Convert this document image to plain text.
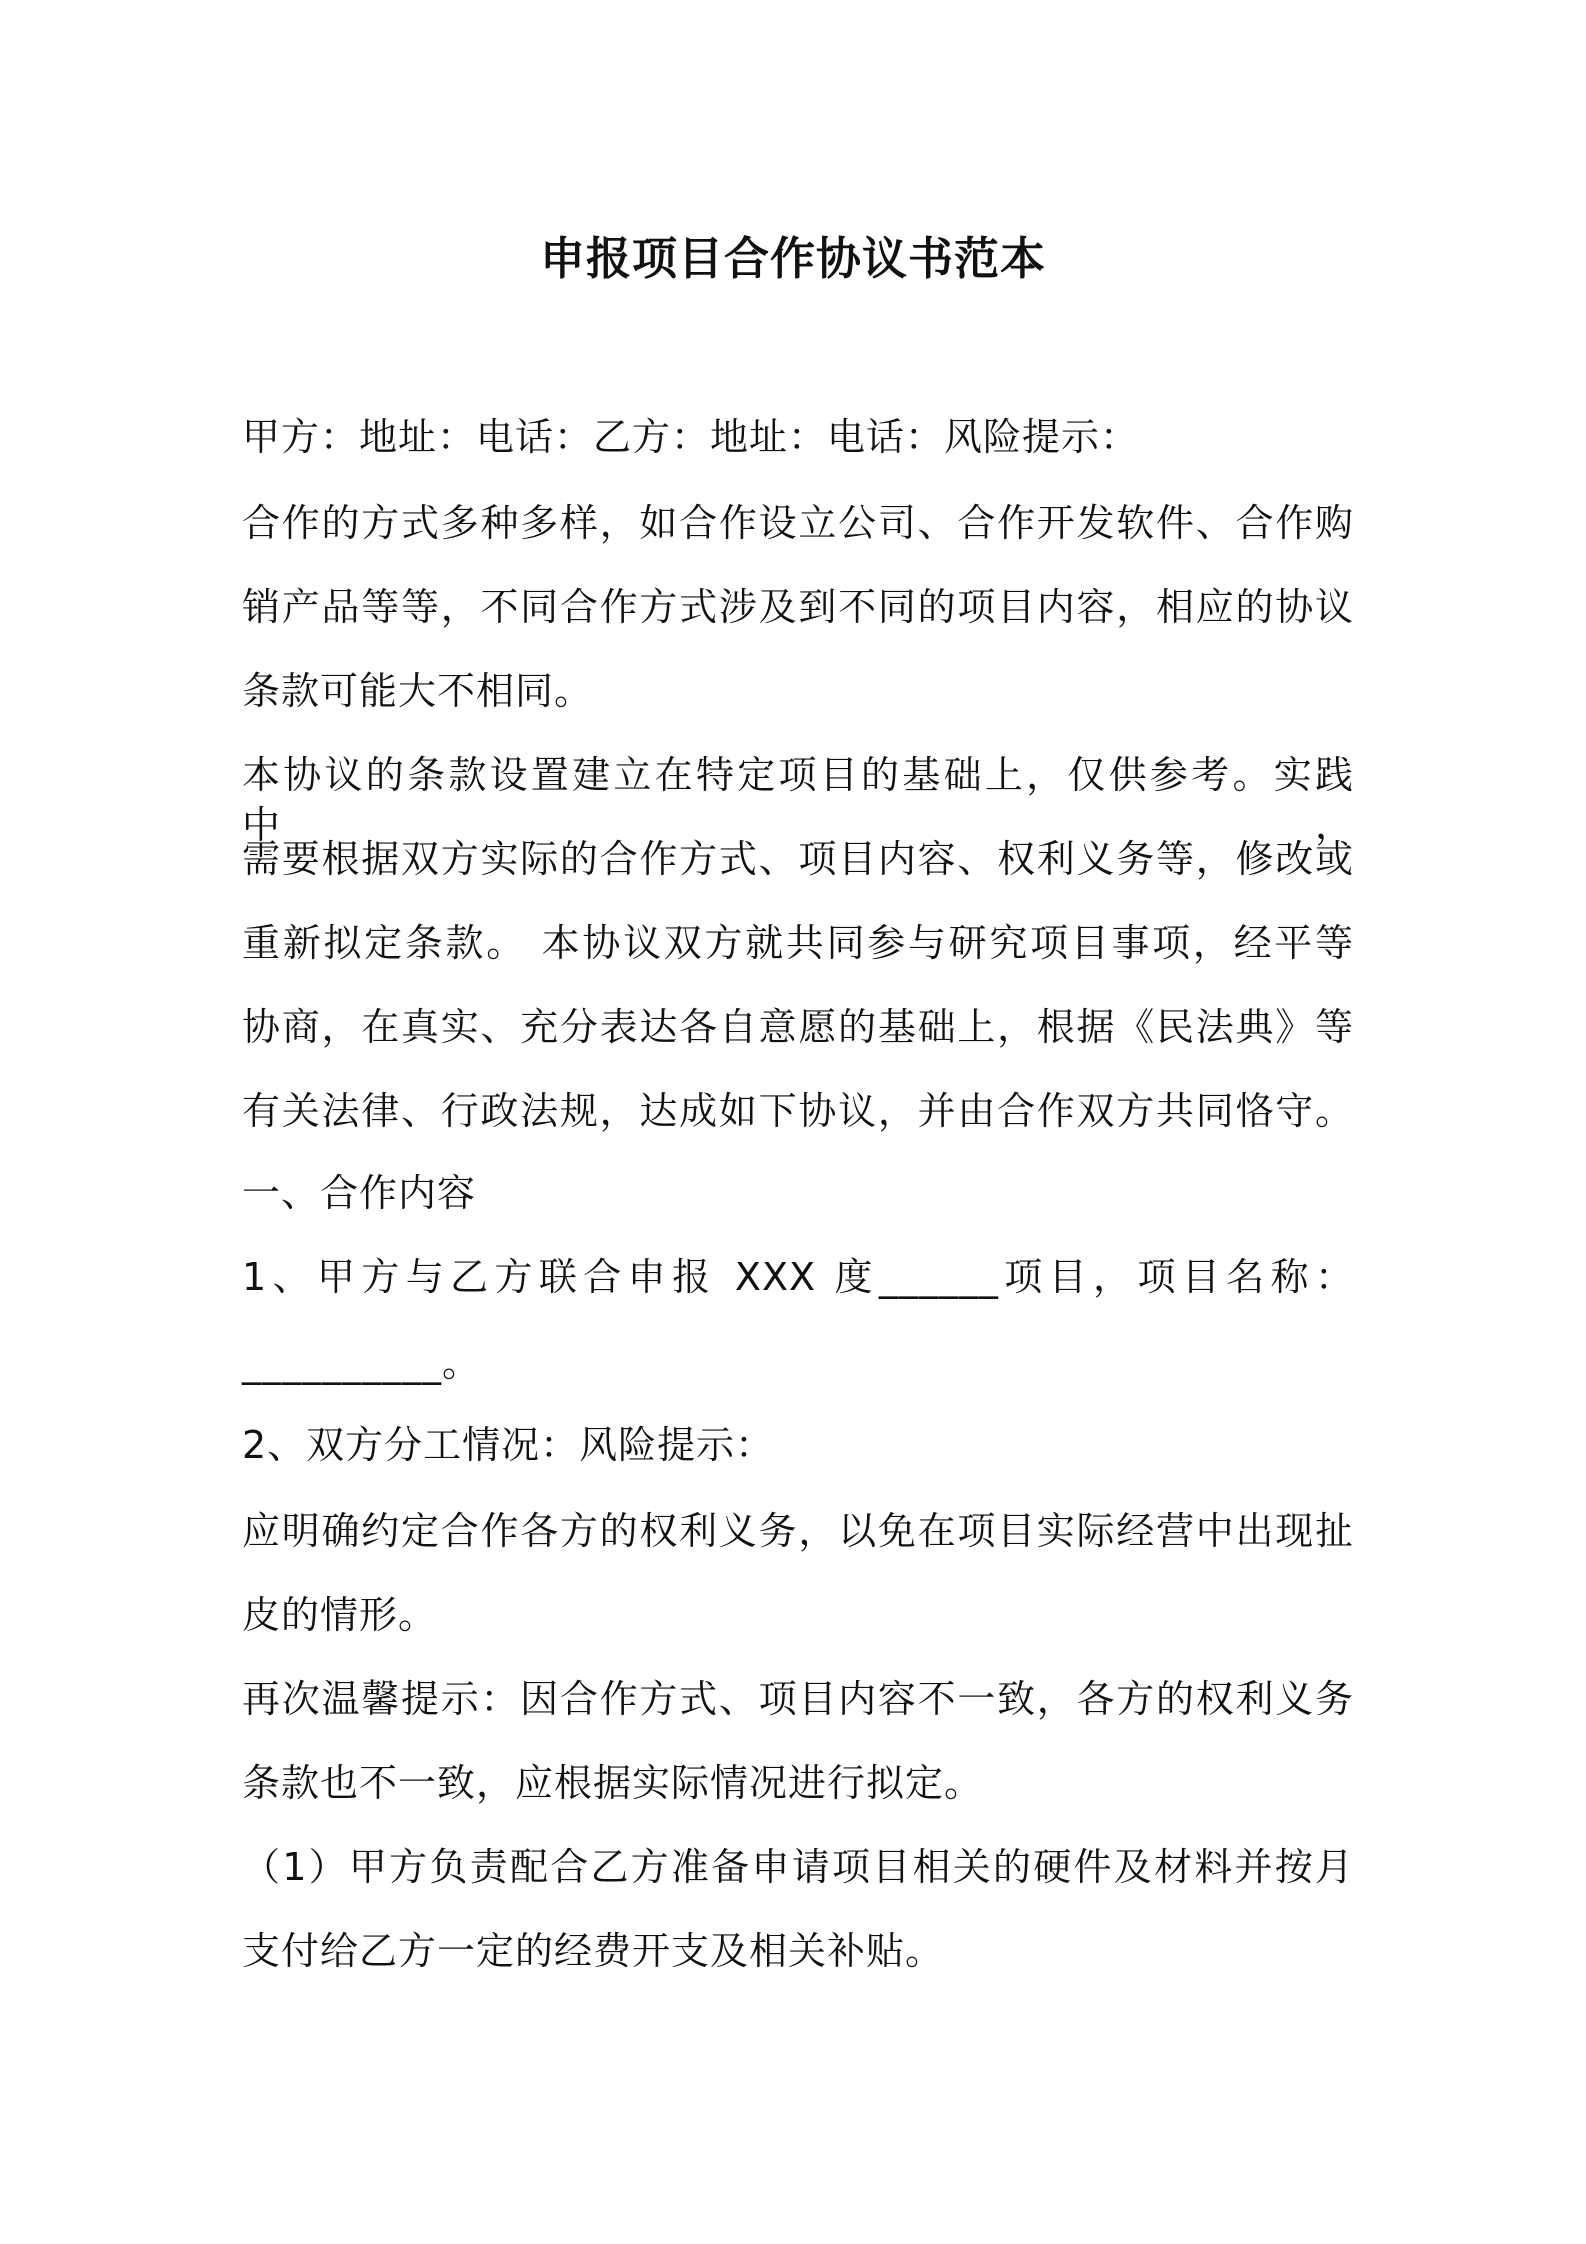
申报项目合作协议书范本
甲方：地址：电话：乙方：地址：电话：风险提示：
合作的方式多种多样，如合作设立公司、合作开发软件、合作购
销产品等等，不同合作方式涉及到不同的项目内容，相应的协议
条款可能大不相同。
本协议的条款设置建立在特定项目的基础上，仅供参考。实践中，
需要根据双方实际的合作方式、项目内容、权利义务等，修改或
重新拟定条款。 本协议双方就共同参与研究项目事项，经平等
协商，在真实、充分表达各自意愿的基础上，根据《民法典》等
有关法律、行政法规，达成如下协议，并由合作双方共同恪守。
一、合作内容
1、甲方与乙方联合申报 XXX 度______项目，项目名称：
__________。
2、双方分工情况：风险提示：
应明确约定合作各方的权利义务，以免在项目实际经营中出现扯
皮的情形。
再次温馨提示：因合作方式、项目内容不一致，各方的权利义务
条款也不一致，应根据实际情况进行拟定。
（1）甲方负责配合乙方准备申请项目相关的硬件及材料并按月
支付给乙方一定的经费开支及相关补贴。
